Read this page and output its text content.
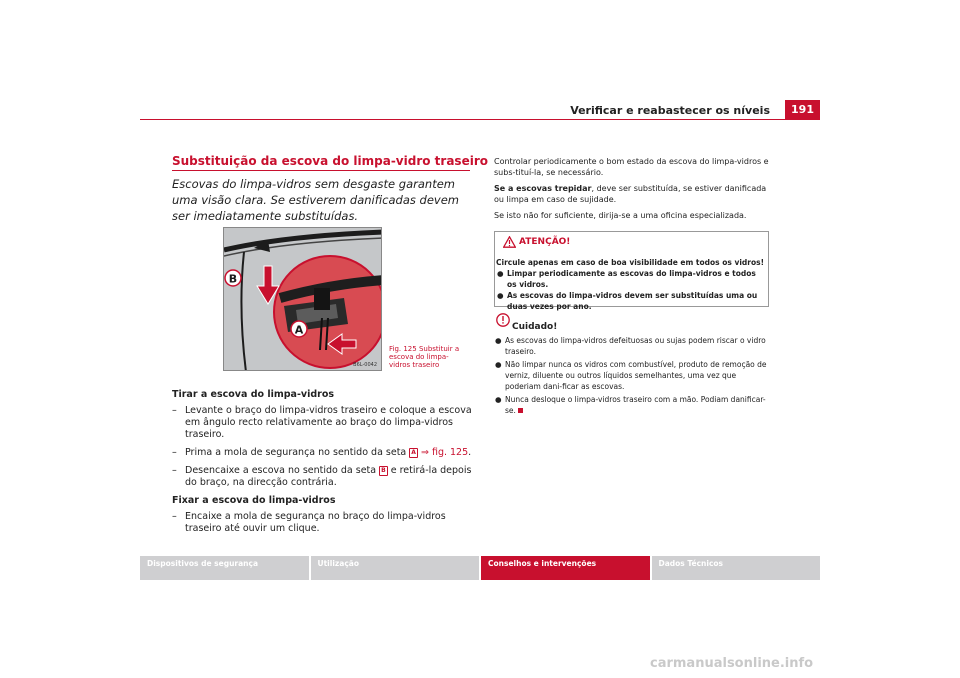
Verificar e reabastecer os níveis	191
Substituição da escova do limpa-vidro traseiro
Escovas do limpa-vidros sem desgaste garantem uma visão clara. Se estiverem danificadas devem ser imediatamente substituídas.
B
A
B6L-0042
Fig. 125 Substituir a escova do limpa-vidros traseiro
Tirar a escova do limpa-vidros
– Levante o braço do limpa-vidros traseiro e coloque a escova em ângulo recto relativamente ao braço do limpa-vidros traseiro.
– Prima a mola de segurança no sentido da seta A ⇒ fig. 125.
– Desencaixe a escova no sentido da seta B e retirá-la depois do braço, na direcção contrária.
Fixar a escova do limpa-vidros
– Encaixe a mola de segurança no braço do limpa-vidros traseiro até ouvir um clique.

Controlar periodicamente o bom estado da escova do limpa-vidros e subs-tituí-la, se necessário.

Se a escovas trepidar, deve ser substituída, se estiver danificada ou limpa em caso de sujidade.

Se isto não for suficiente, dirija-se a uma oficina especializada.

ATENÇÃO!
Circule apenas em caso de boa visibilidade em todos os vidros!
● Limpar periodicamente as escovas do limpa-vidros e todos os vidros.
● As escovas do limpa-vidros devem ser substituídas uma ou duas vezes por ano.
Cuidado!
● As escovas do limpa-vidros defeituosas ou sujas podem riscar o vidro traseiro.
● Não limpar nunca os vidros com combustível, produto de remoção de verniz, diluente ou outros líquidos semelhantes, uma vez que poderiam dani-ficar as escovas.
● Nunca desloque o limpa-vidros traseiro com a mão. Podiam danificar-se.
Dispositivos de segurança	Utilização	Conselhos e intervenções	Dados Técnicos
carmanualsonline.info
